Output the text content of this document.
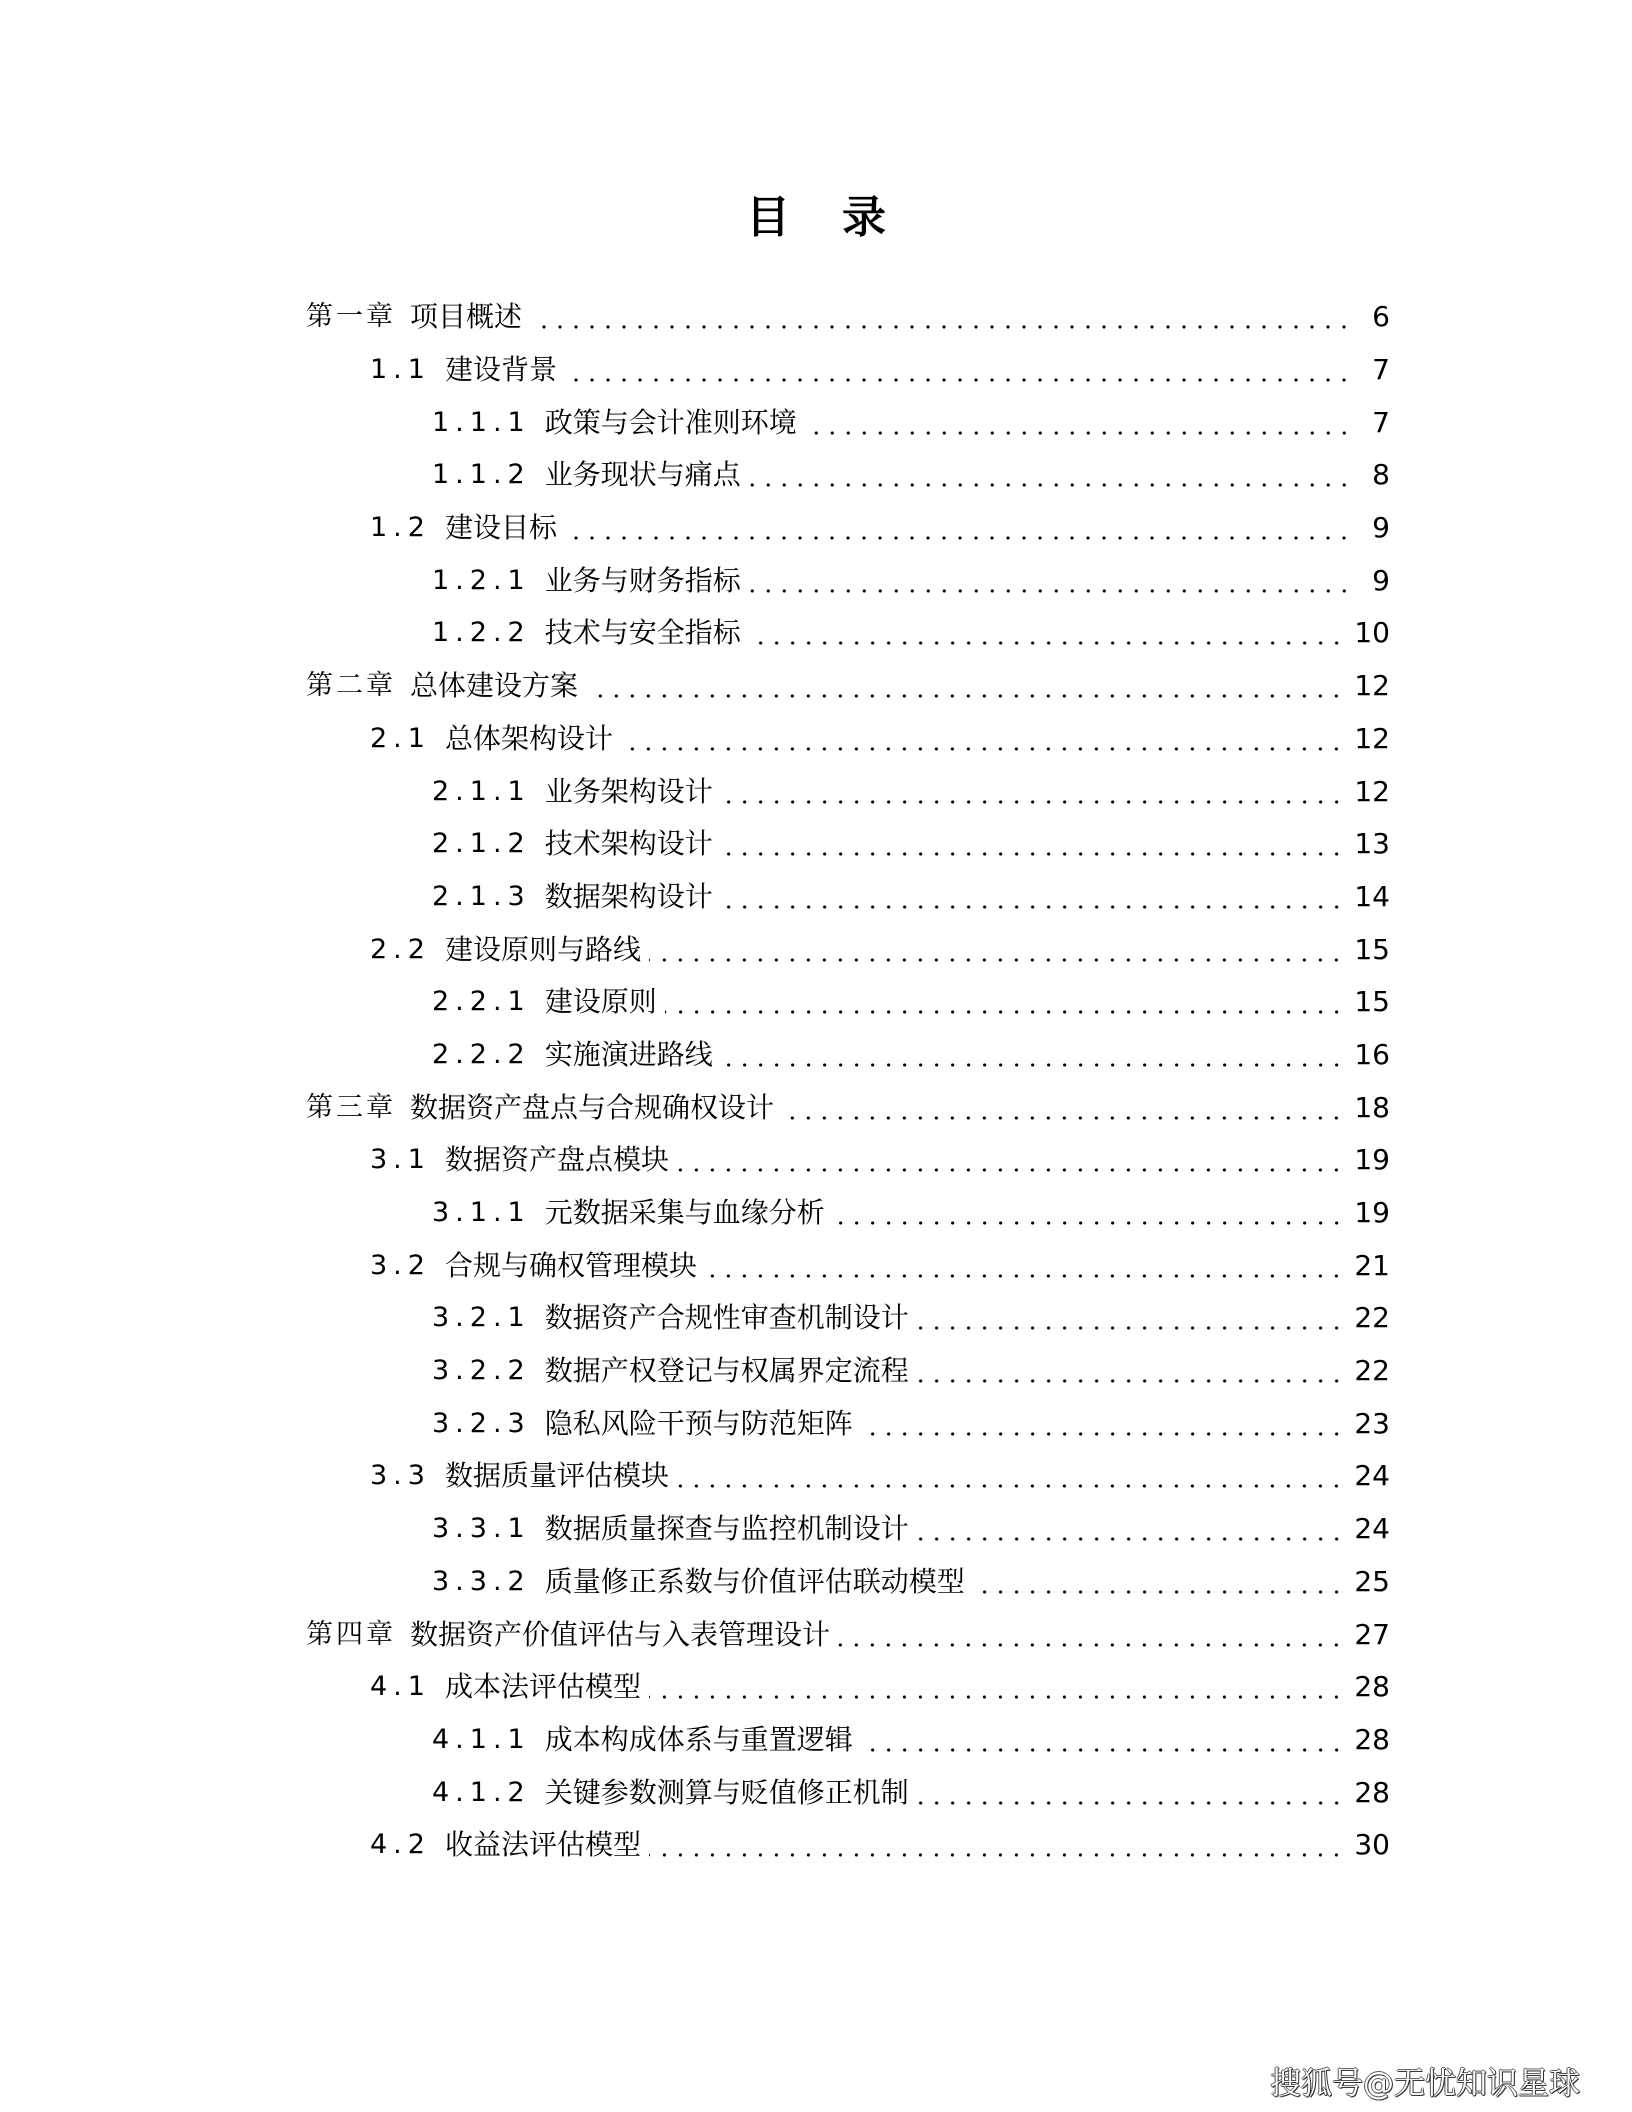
目录
第一章 项目概述	6
1.1 建设背景	7
1.1.1 政策与会计准则环境	7
1.1.2 业务现状与痛点	8
1.2 建设目标	9
1.2.1 业务与财务指标	9
1.2.2 技术与安全指标	10
第二章 总体建设方案	12
2.1 总体架构设计	12
2.1.1 业务架构设计	12
2.1.2 技术架构设计	13
2.1.3 数据架构设计	14
2.2 建设原则与路线	15
2.2.1 建设原则	15
2.2.2 实施演进路线	16
第三章 数据资产盘点与合规确权设计	18
3.1 数据资产盘点模块	19
3.1.1 元数据采集与血缘分析	19
3.2 合规与确权管理模块	21
3.2.1 数据资产合规性审查机制设计	22
3.2.2 数据产权登记与权属界定流程	22
3.2.3 隐私风险干预与防范矩阵	23
3.3 数据质量评估模块	24
3.3.1 数据质量探查与监控机制设计	24
3.3.2 质量修正系数与价值评估联动模型	25
第四章 数据资产价值评估与入表管理设计	27
4.1 成本法评估模型	28
4.1.1 成本构成体系与重置逻辑	28
4.1.2 关键参数测算与贬值修正机制	28
4.2 收益法评估模型	30
搜狐号@无忧知识星球
